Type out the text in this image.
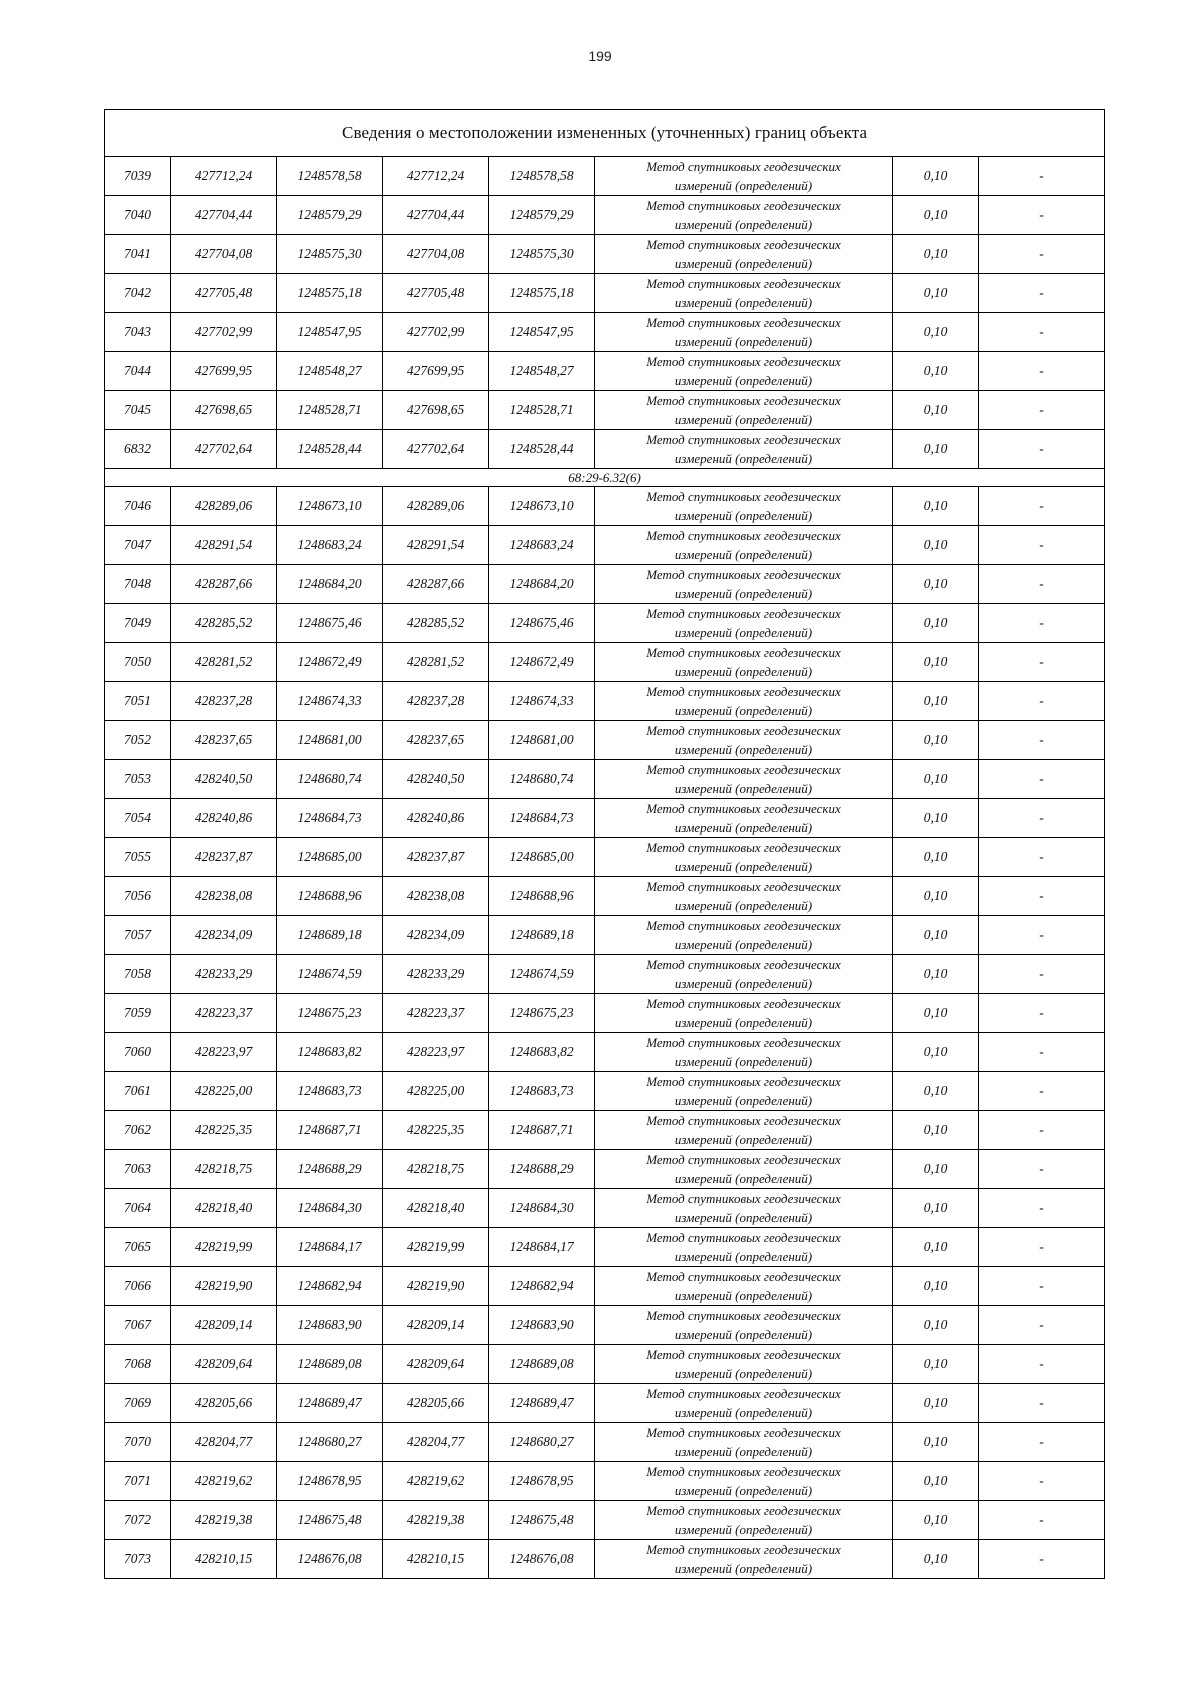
199
Сведения о местоположении измененных (уточненных) границ объекта							
7039	427712,24	1248578,58	427712,24	1248578,58	Метод спутниковых геодезических
измерений (определений)	0,10	-
7040	427704,44	1248579,29	427704,44	1248579,29	Метод спутниковых геодезических
измерений (определений)	0,10	-
7041	427704,08	1248575,30	427704,08	1248575,30	Метод спутниковых геодезических
измерений (определений)	0,10	-
7042	427705,48	1248575,18	427705,48	1248575,18	Метод спутниковых геодезических
измерений (определений)	0,10	-
7043	427702,99	1248547,95	427702,99	1248547,95	Метод спутниковых геодезических
измерений (определений)	0,10	-
7044	427699,95	1248548,27	427699,95	1248548,27	Метод спутниковых геодезических
измерений (определений)	0,10	-
7045	427698,65	1248528,71	427698,65	1248528,71	Метод спутниковых геодезических
измерений (определений)	0,10	-
6832	427702,64	1248528,44	427702,64	1248528,44	Метод спутниковых геодезических
измерений (определений)	0,10	-
68:29-6.32(6)							
7046	428289,06	1248673,10	428289,06	1248673,10	Метод спутниковых геодезических
измерений (определений)	0,10	-
7047	428291,54	1248683,24	428291,54	1248683,24	Метод спутниковых геодезических
измерений (определений)	0,10	-
7048	428287,66	1248684,20	428287,66	1248684,20	Метод спутниковых геодезических
измерений (определений)	0,10	-
7049	428285,52	1248675,46	428285,52	1248675,46	Метод спутниковых геодезических
измерений (определений)	0,10	-
7050	428281,52	1248672,49	428281,52	1248672,49	Метод спутниковых геодезических
измерений (определений)	0,10	-
7051	428237,28	1248674,33	428237,28	1248674,33	Метод спутниковых геодезических
измерений (определений)	0,10	-
7052	428237,65	1248681,00	428237,65	1248681,00	Метод спутниковых геодезических
измерений (определений)	0,10	-
7053	428240,50	1248680,74	428240,50	1248680,74	Метод спутниковых геодезических
измерений (определений)	0,10	-
7054	428240,86	1248684,73	428240,86	1248684,73	Метод спутниковых геодезических
измерений (определений)	0,10	-
7055	428237,87	1248685,00	428237,87	1248685,00	Метод спутниковых геодезических
измерений (определений)	0,10	-
7056	428238,08	1248688,96	428238,08	1248688,96	Метод спутниковых геодезических
измерений (определений)	0,10	-
7057	428234,09	1248689,18	428234,09	1248689,18	Метод спутниковых геодезических
измерений (определений)	0,10	-
7058	428233,29	1248674,59	428233,29	1248674,59	Метод спутниковых геодезических
измерений (определений)	0,10	-
7059	428223,37	1248675,23	428223,37	1248675,23	Метод спутниковых геодезических
измерений (определений)	0,10	-
7060	428223,97	1248683,82	428223,97	1248683,82	Метод спутниковых геодезических
измерений (определений)	0,10	-
7061	428225,00	1248683,73	428225,00	1248683,73	Метод спутниковых геодезических
измерений (определений)	0,10	-
7062	428225,35	1248687,71	428225,35	1248687,71	Метод спутниковых геодезических
измерений (определений)	0,10	-
7063	428218,75	1248688,29	428218,75	1248688,29	Метод спутниковых геодезических
измерений (определений)	0,10	-
7064	428218,40	1248684,30	428218,40	1248684,30	Метод спутниковых геодезических
измерений (определений)	0,10	-
7065	428219,99	1248684,17	428219,99	1248684,17	Метод спутниковых геодезических
измерений (определений)	0,10	-
7066	428219,90	1248682,94	428219,90	1248682,94	Метод спутниковых геодезических
измерений (определений)	0,10	-
7067	428209,14	1248683,90	428209,14	1248683,90	Метод спутниковых геодезических
измерений (определений)	0,10	-
7068	428209,64	1248689,08	428209,64	1248689,08	Метод спутниковых геодезических
измерений (определений)	0,10	-
7069	428205,66	1248689,47	428205,66	1248689,47	Метод спутниковых геодезических
измерений (определений)	0,10	-
7070	428204,77	1248680,27	428204,77	1248680,27	Метод спутниковых геодезических
измерений (определений)	0,10	-
7071	428219,62	1248678,95	428219,62	1248678,95	Метод спутниковых геодезических
измерений (определений)	0,10	-
7072	428219,38	1248675,48	428219,38	1248675,48	Метод спутниковых геодезических
измерений (определений)	0,10	-
7073	428210,15	1248676,08	428210,15	1248676,08	Метод спутниковых геодезических
измерений (определений)	0,10	-
